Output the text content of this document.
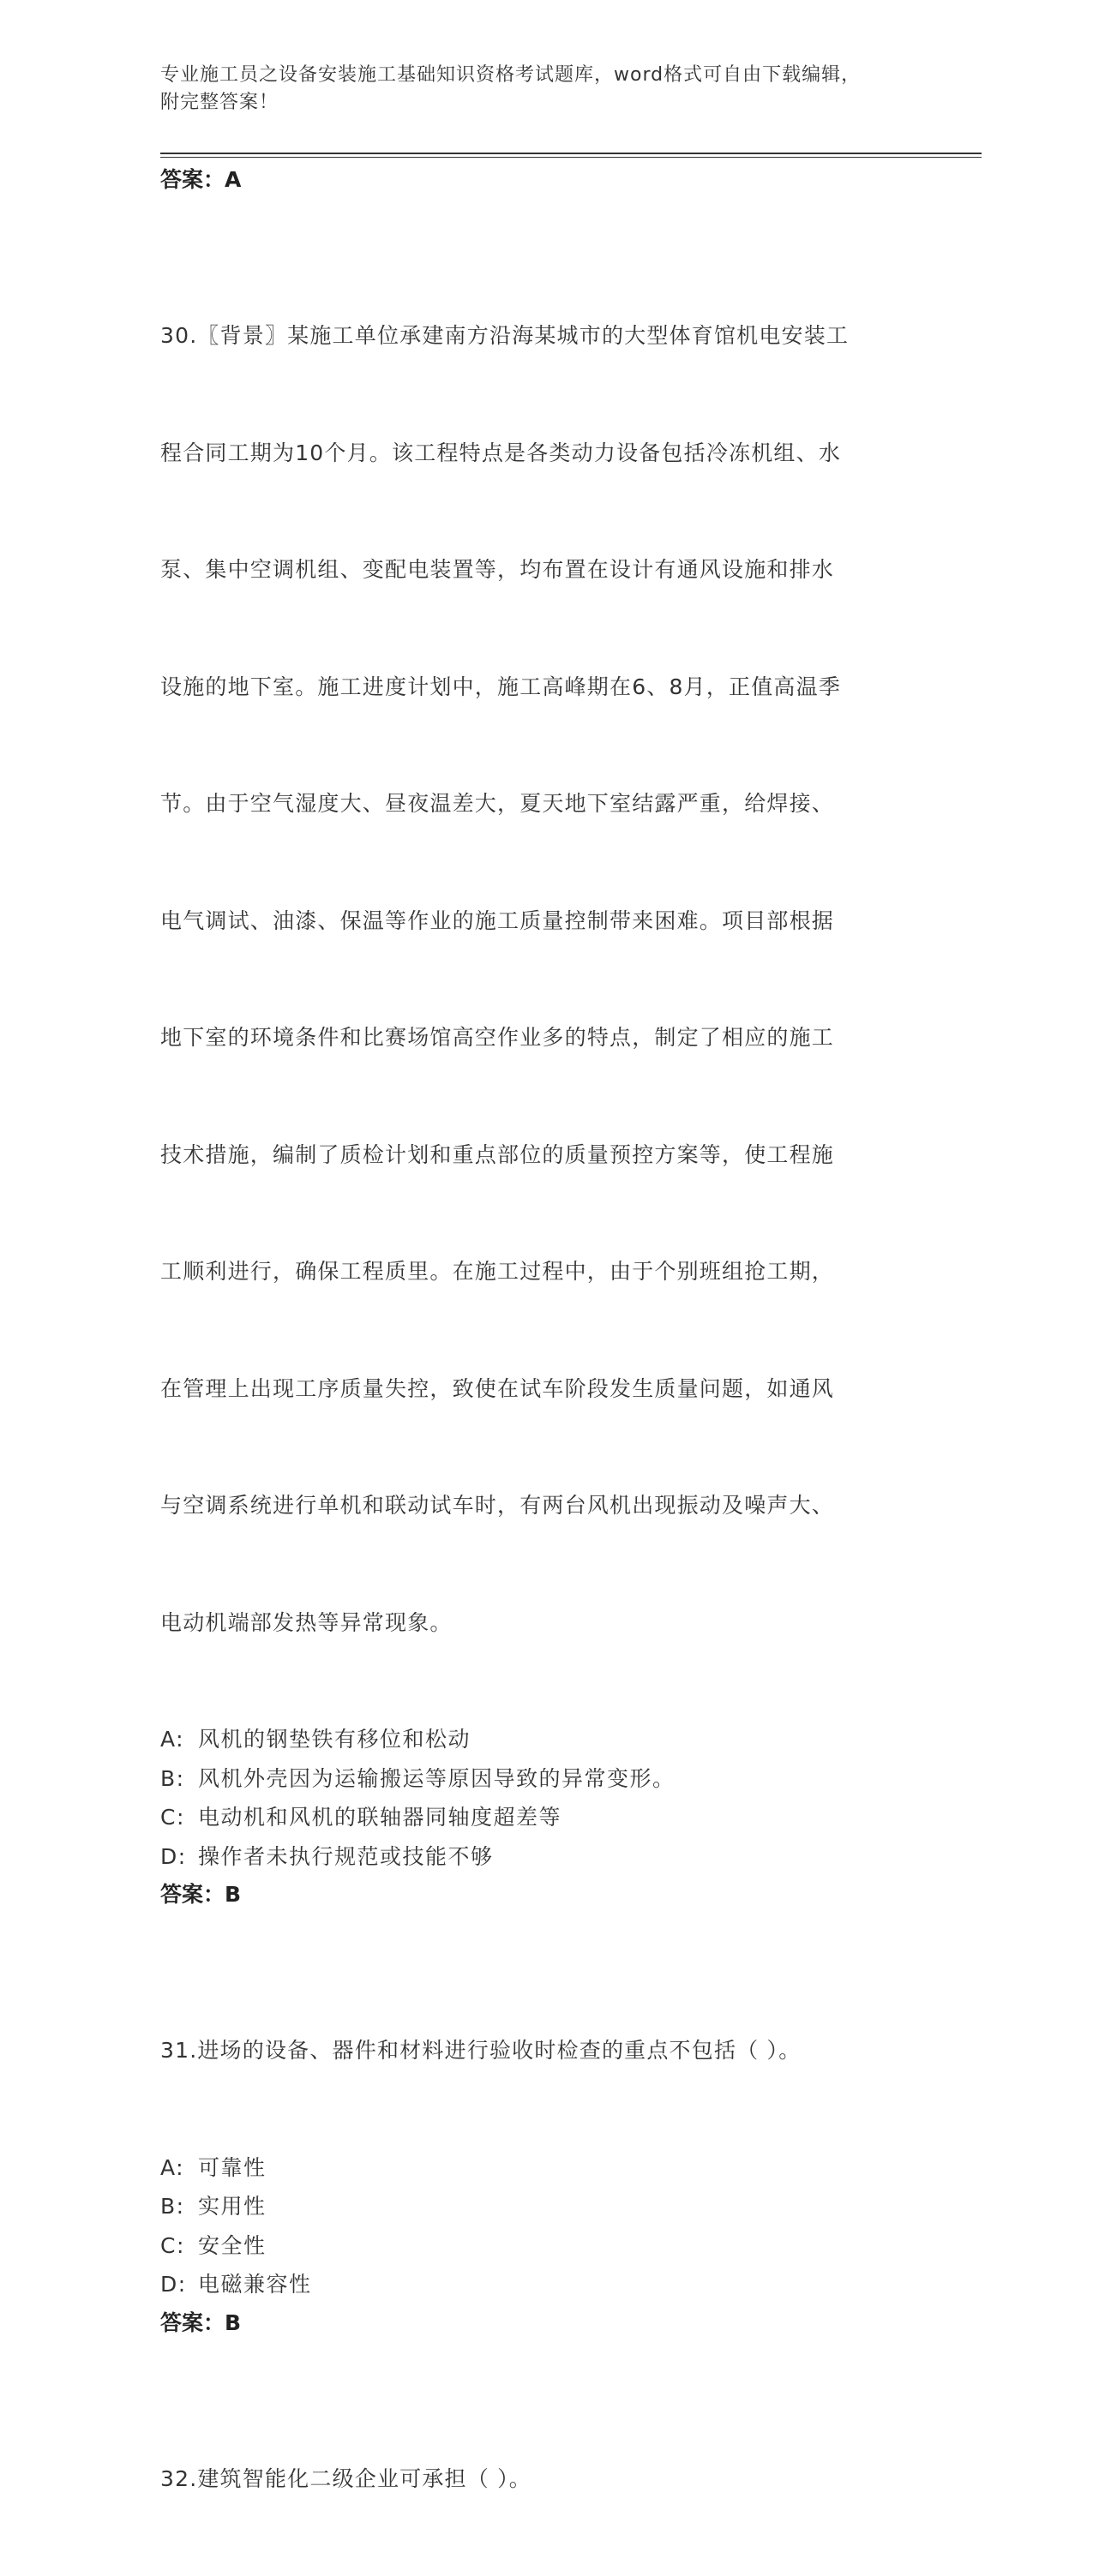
专业施工员之设备安装施工基础知识资格考试题库，word格式可自由下载编辑，
附完整答案！
答案：A

30.〖背景〗某施工单位承建南方沿海某城市的大型体育馆机电安装工

程合同工期为10个月。该工程特点是各类动力设备包括冷冻机组、水

泵、集中空调机组、变配电装置等，均布置在设计有通风设施和排水

设施的地下室。施工进度计划中，施工高峰期在6、8月，正值高温季

节。由于空气湿度大、昼夜温差大，夏天地下室结露严重，给焊接、

电气调试、油漆、保温等作业的施工质量控制带来困难。项目部根据

地下室的环境条件和比赛场馆高空作业多的特点，制定了相应的施工

技术措施，编制了质检计划和重点部位的质量预控方案等，使工程施

工顺利进行，确保工程质里。在施工过程中，由于个别班组抢工期，

在管理上出现工序质量失控，致使在试车阶段发生质量问题，如通风

与空调系统进行单机和联动试车时，有两台风机出现振动及噪声大、

电动机端部发热等异常现象。

A: 风机的钢垫铁有移位和松动
B: 风机外壳因为运输搬运等原因导致的异常变形。
C: 电动机和风机的联轴器同轴度超差等
D: 操作者未执行规范或技能不够
答案：B

31.进场的设备、器件和材料进行验收时检查的重点不包括（ ）。

A: 可靠性
B: 实用性
C: 安全性
D: 电磁兼容性
答案：B

32.建筑智能化二级企业可承担（ ）。
